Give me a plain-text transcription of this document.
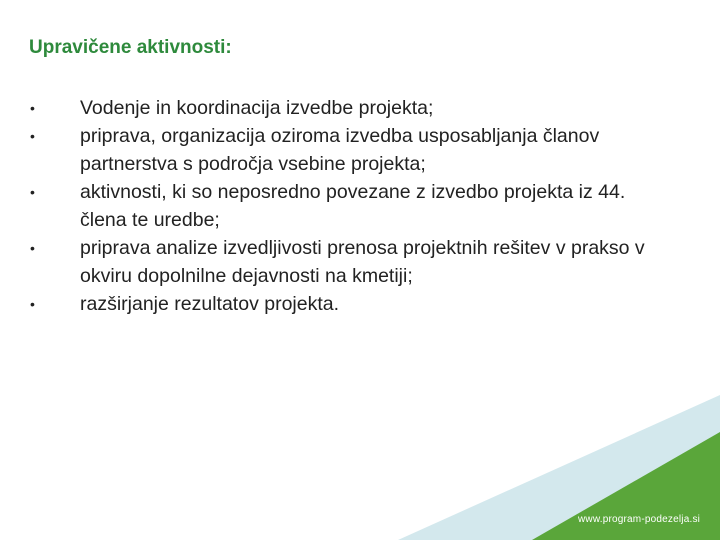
Upravičene aktivnosti:
•	Vodenje in koordinacija izvedbe projekta;
•	priprava, organizacija oziroma izvedba usposabljanja članov partnerstva s področja vsebine projekta;
•	aktivnosti, ki so neposredno povezane z izvedbo projekta iz 44. člena te uredbe;
•	priprava analize izvedljivosti prenosa projektnih rešitev v prakso v okviru dopolnilne dejavnosti na kmetiji;
•	razširjanje rezultatov projekta.
www.program-podezelja.si
